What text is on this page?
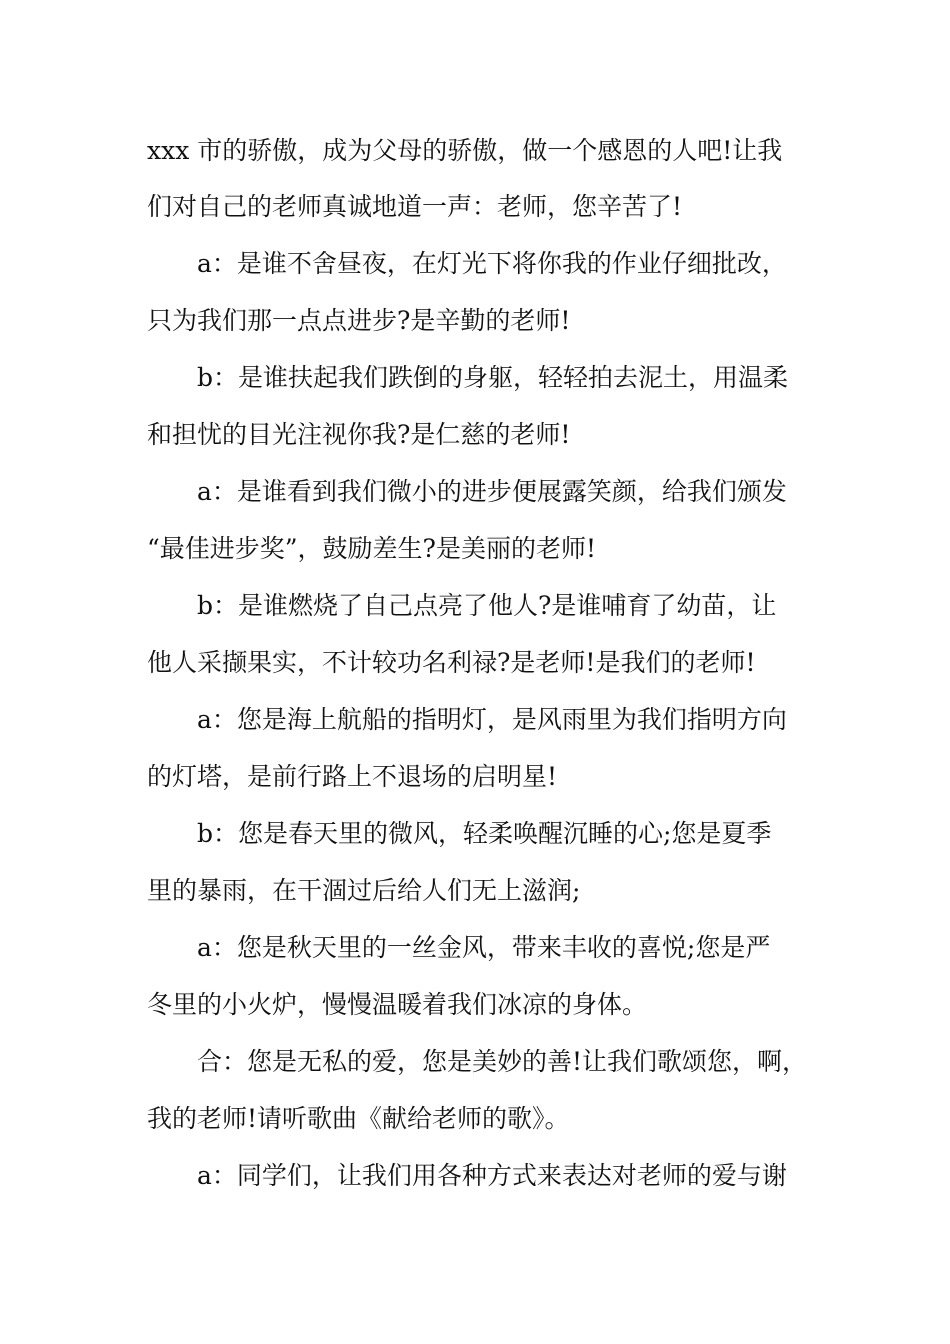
xxx 市的骄傲，成为父母的骄傲，做一个感恩的人吧!让我
们对自己的老师真诚地道一声：老师，您辛苦了!
a：是谁不舍昼夜，在灯光下将你我的作业仔细批改，
只为我们那一点点进步?是辛勤的老师!
b：是谁扶起我们跌倒的身躯，轻轻拍去泥土，用温柔
和担忧的目光注视你我?是仁慈的老师!
a：是谁看到我们微小的进步便展露笑颜，给我们颁发
“最佳进步奖”，鼓励差生?是美丽的老师!
b：是谁燃烧了自己点亮了他人?是谁哺育了幼苗，让
他人采撷果实，不计较功名利禄?是老师!是我们的老师!
a：您是海上航船的指明灯，是风雨里为我们指明方向
的灯塔，是前行路上不退场的启明星!
b：您是春天里的微风，轻柔唤醒沉睡的心;您是夏季
里的暴雨，在干涸过后给人们无上滋润;
a：您是秋天里的一丝金风，带来丰收的喜悦;您是严
冬里的小火炉，慢慢温暖着我们冰凉的身体。
合：您是无私的爱，您是美妙的善!让我们歌颂您，啊，
我的老师!请听歌曲《献给老师的歌》。
a：同学们，让我们用各种方式来表达对老师的爱与谢
